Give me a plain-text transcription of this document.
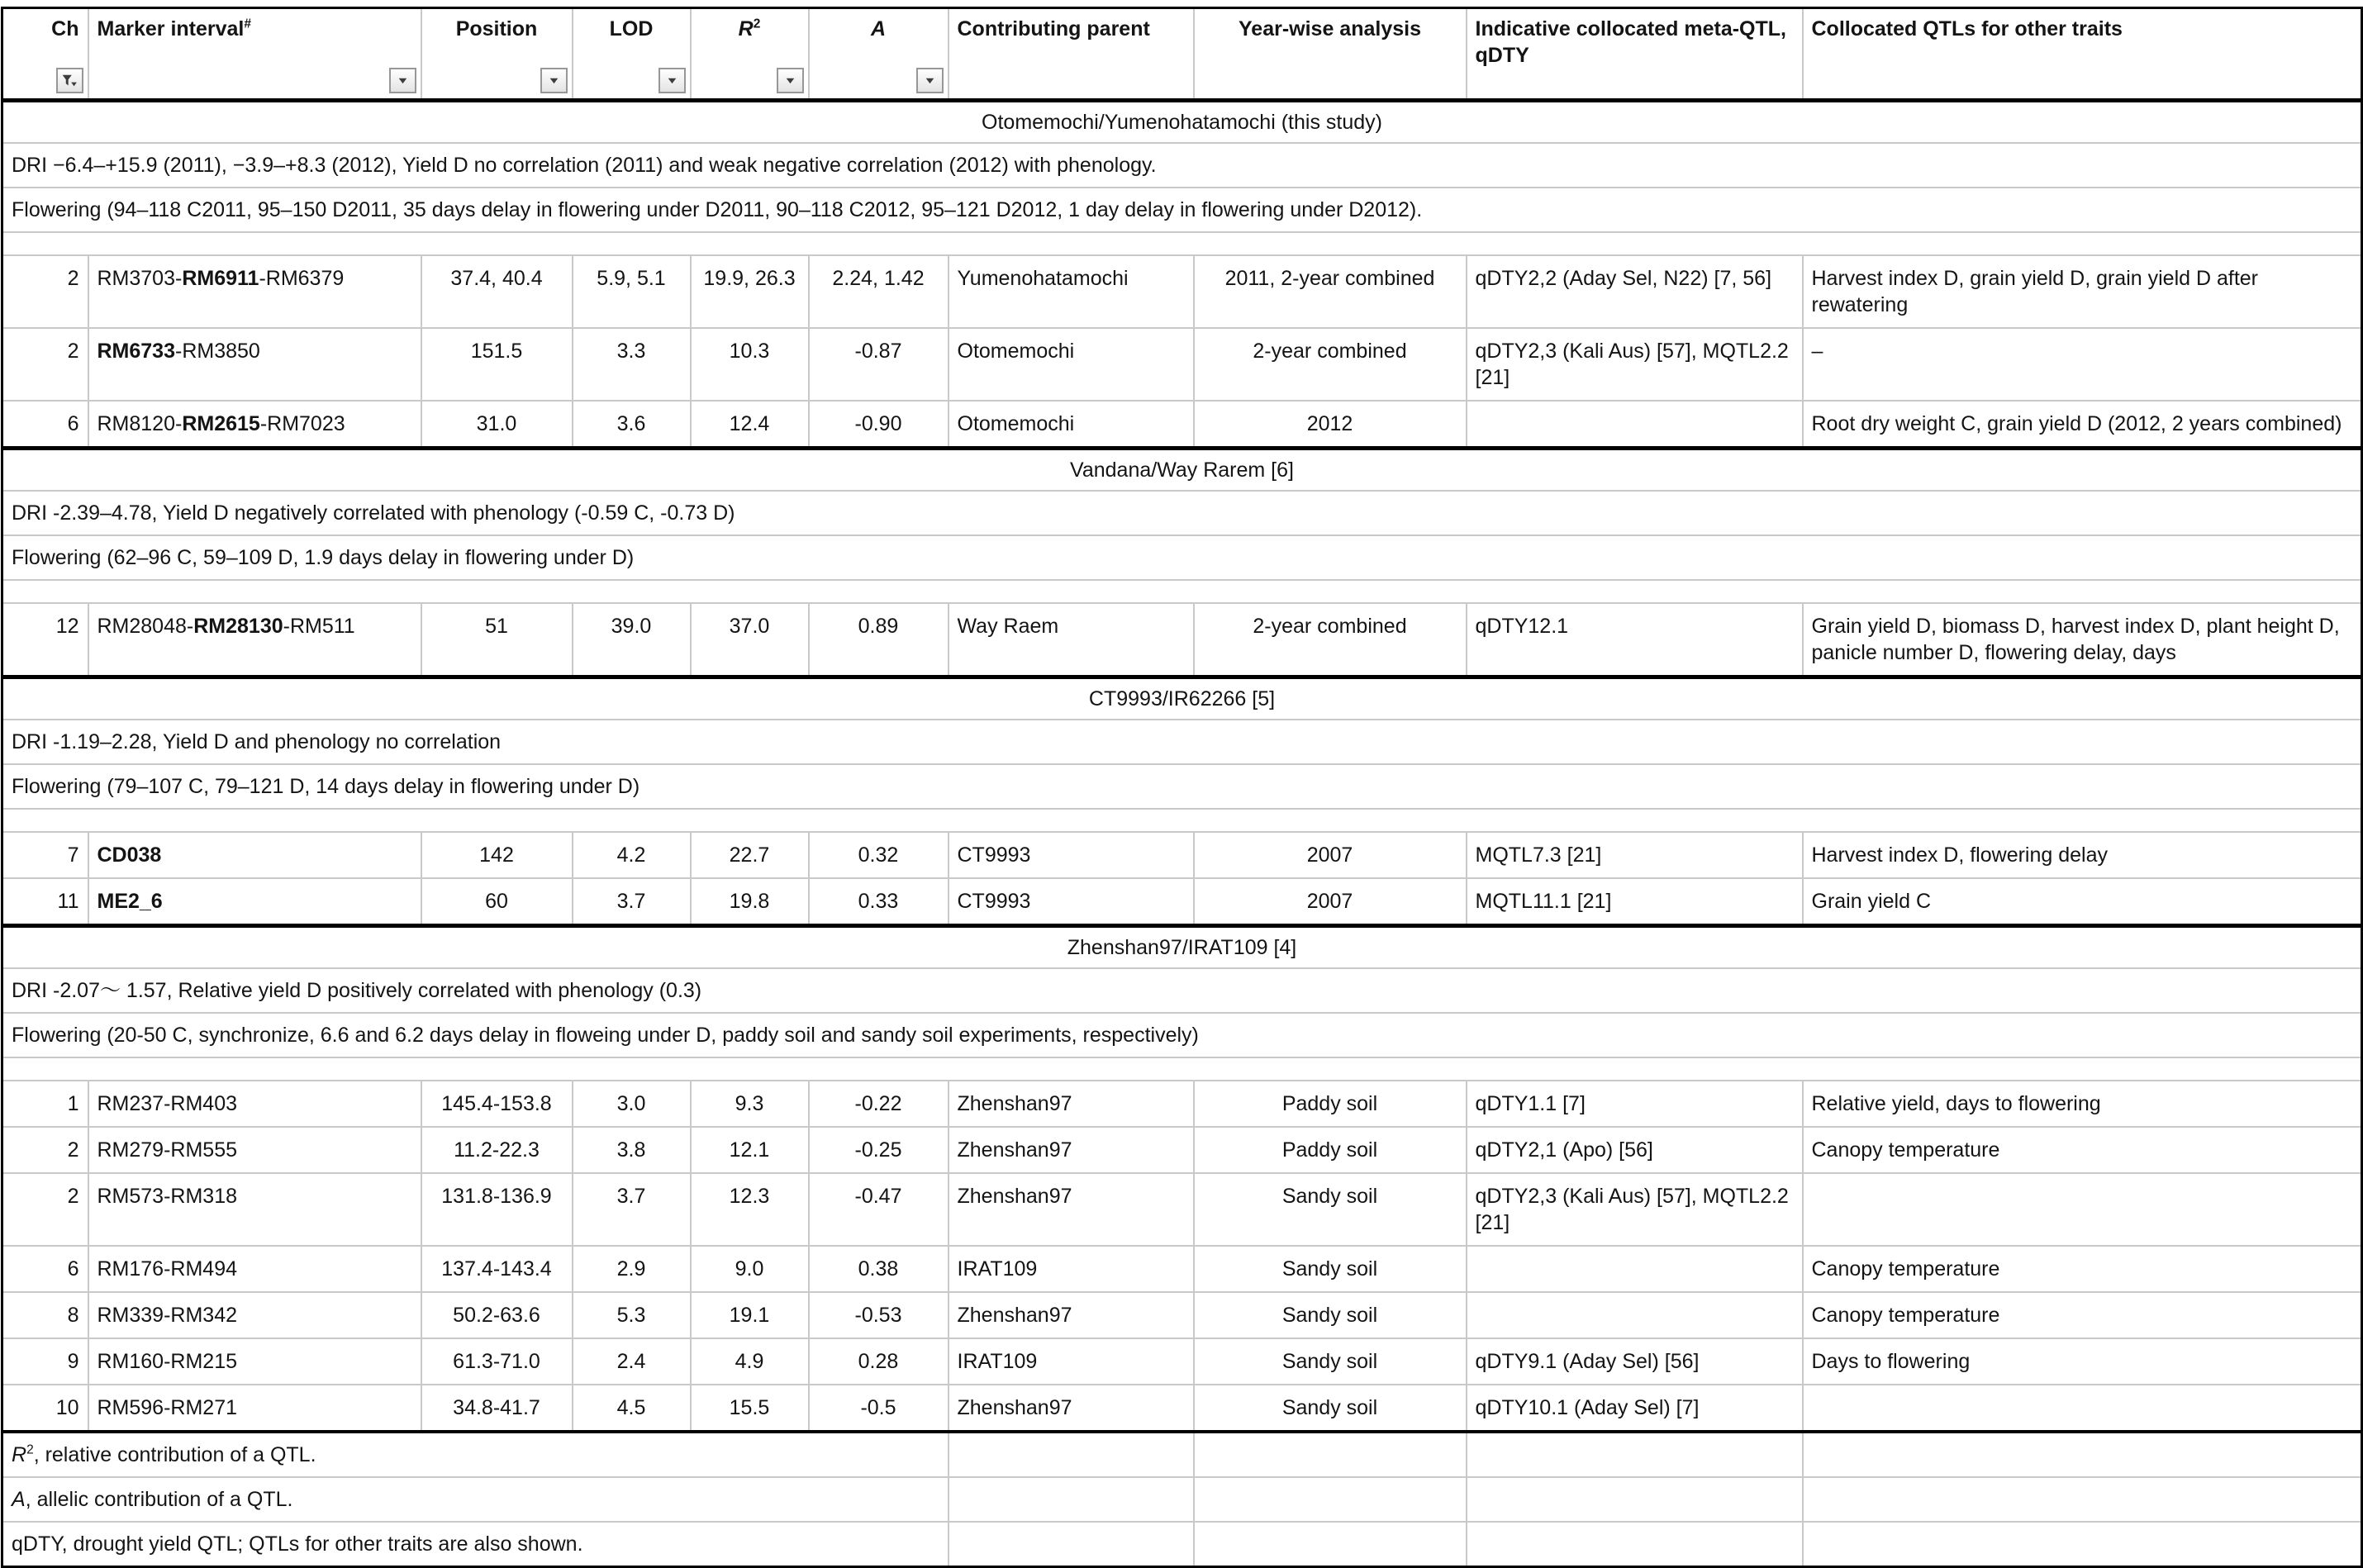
Ch	Marker interval#	Position	LOD	$R^2$	A	Contributing parent	Year-wise analysis	Indicative collocated meta-QTL, qDTY	Collocated QTLs for other traits

Otomemochi/Yumenohatamochi (this study)									
DRI −6.4–+15.9 (2011), −3.9–+8.3 (2012), Yield D no correlation (2011) and weak negative correlation (2012) with phenology.									
Flowering (94–118 C2011, 95–150 D2011, 35 days delay in flowering under D2011, 90–118 C2012, 95–121 D2012, 1 day delay in flowering under D2012).									

2	RM3703-RM6911-RM6379	37.4, 40.4	5.9, 5.1	19.9, 26.3	2.24, 1.42	Yumenohatamochi	2011, 2-year combined	qDTY2,2 (Aday Sel, N22) [7, 56]	Harvest index D, grain yield D, grain yield D after rewatering
2	RM6733-RM3850	151.5	3.3	10.3	-0.87	Otomemochi	2-year combined	qDTY2,3 (Kali Aus) [57], MQTL2.2 [21]	–
6	RM8120-RM2615-RM7023	31.0	3.6	12.4	-0.90	Otomemochi	2012		Root dry weight C, grain yield D (2012, 2 years combined)
Vandana/Way Rarem [6]									
DRI -2.39–4.78, Yield D negatively correlated with phenology (-0.59 C, -0.73 D)									
Flowering (62–96 C, 59–109 D, 1.9 days delay in flowering under D)									

12	RM28048-RM28130-RM511	51	39.0	37.0	0.89	Way Raem	2-year combined	qDTY12.1	Grain yield D, biomass D, harvest index D, plant height D, panicle number D, flowering delay, days
CT9993/IR62266 [5]									
DRI -1.19–2.28, Yield D and phenology no correlation									
Flowering (79–107 C, 79–121 D, 14 days delay in flowering under D)									

7	CD038	142	4.2	22.7	0.32	CT9993	2007	MQTL7.3 [21]	Harvest index D, flowering delay
11	ME2_6	60	3.7	19.8	0.33	CT9993	2007	MQTL11.1 [21]	Grain yield C
Zhenshan97/IRAT109 [4]									
DRI -2.07～ 1.57, Relative yield D positively correlated with phenology (0.3)									
Flowering (20-50 C, synchronize, 6.6 and 6.2 days delay in floweing under D, paddy soil and sandy soil experiments, respectively)									

1	RM237-RM403	145.4-153.8	3.0	9.3	-0.22	Zhenshan97	Paddy soil	qDTY1.1 [7]	Relative yield, days to flowering
2	RM279-RM555	11.2-22.3	3.8	12.1	-0.25	Zhenshan97	Paddy soil	qDTY2,1 (Apo) [56]	Canopy temperature
2	RM573-RM318	131.8-136.9	3.7	12.3	-0.47	Zhenshan97	Sandy soil	qDTY2,3 (Kali Aus) [57], MQTL2.2 [21]	
6	RM176-RM494	137.4-143.4	2.9	9.0	0.38	IRAT109	Sandy soil		Canopy temperature
8	RM339-RM342	50.2-63.6	5.3	19.1	-0.53	Zhenshan97	Sandy soil		Canopy temperature
9	RM160-RM215	61.3-71.0	2.4	4.9	0.28	IRAT109	Sandy soil	qDTY9.1 (Aday Sel) [56]	Days to flowering
10	RM596-RM271	34.8-41.7	4.5	15.5	-0.5	Zhenshan97	Sandy soil	qDTY10.1 (Aday Sel) [7]	
$R^2$, relative contribution of a QTL.									
A, allelic contribution of a QTL.									
qDTY, drought yield QTL; QTLs for other traits are also shown.									
